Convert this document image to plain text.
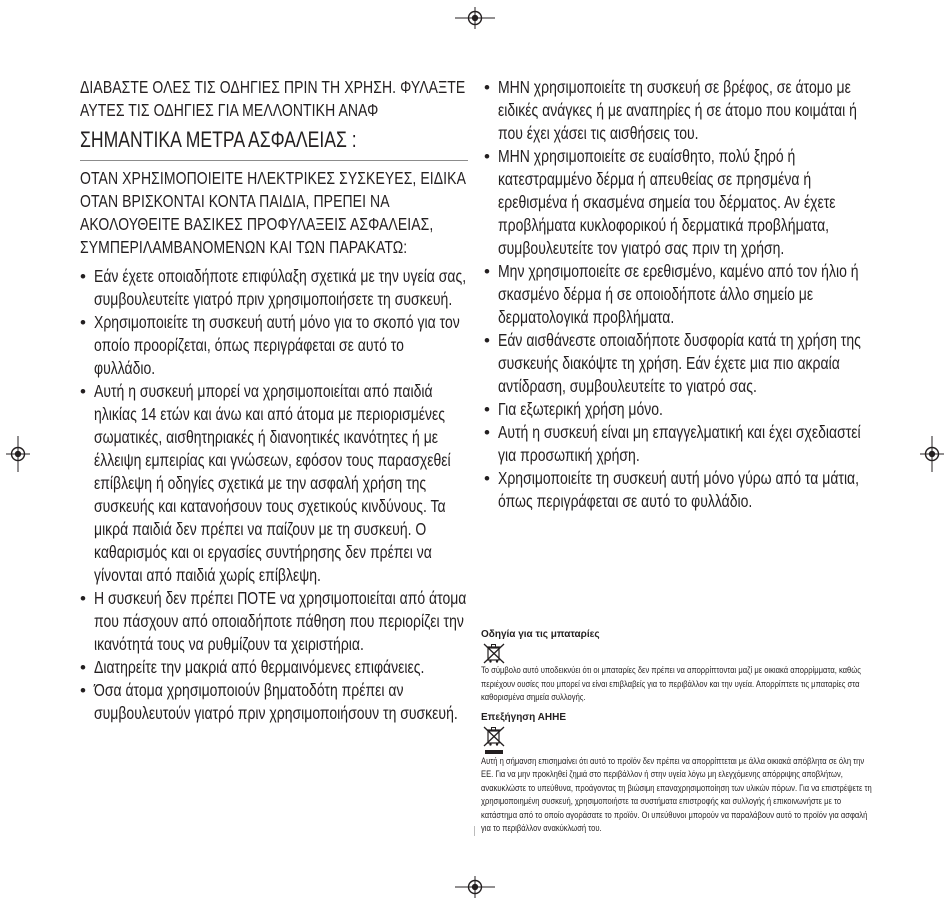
ΔΙΑΒΑΣΤΕ ΟΛΕΣ ΤΙΣ ΟΔΗΓΙΕΣ ΠΡΙΝ ΤΗ ΧΡΗΣΗ. ΦΥΛΑΞΤΕ ΑΥΤΕΣ ΤΙΣ ΟΔΗΓΙΕΣ ΓΙΑ ΜΕΛΛΟΝΤΙΚΗ ΑΝΑΦ
ΣΗΜΑΝΤΙΚΑ ΜΕΤΡΑ ΑΣΦΑΛΕΙΑΣ :
ΟΤΑΝ ΧΡΗΣΙΜΟΠΟΙΕΙΤΕ ΗΛΕΚΤΡΙΚΕΣ ΣΥΣΚΕΥΕΣ, ΕΙΔΙΚΑ ΟΤΑΝ ΒΡΙΣΚΟΝΤΑΙ ΚΟΝΤΑ ΠΑΙΔΙΑ, ΠΡΕΠΕΙ ΝΑ ΑΚΟΛΟΥΘΕΙΤΕ ΒΑΣΙΚΕΣ ΠΡΟΦΥΛΑΞΕΙΣ ΑΣΦΑΛΕΙΑΣ, ΣΥΜΠΕΡΙΛΑΜΒΑΝΟΜΕΝΩΝ ΚΑΙ ΤΩΝ ΠΑΡΑΚΑΤΩ:
• Εάν έχετε οποιαδήποτε επιφύλαξη σχετικά με την υγεία σας, συμβουλευτείτε γιατρό πριν χρησιμοποιήσετε τη συσκευή.
• Χρησιμοποιείτε τη συσκευή αυτή μόνο για το σκοπό για τον οποίο προορίζεται, όπως περιγράφεται σε αυτό το φυλλάδιο.
• Αυτή η συσκευή μπορεί να χρησιμοποιείται από παιδιά ηλικίας 14 ετών και άνω και από άτομα με περιορισμένες σωματικές, αισθητηριακές ή διανοητικές ικανότητες ή με έλλειψη εμπειρίας και γνώσεων, εφόσον τους παρασχεθεί επίβλεψη ή οδηγίες σχετικά με την ασφαλή χρήση της συσκευής και κατανοήσουν τους σχετικούς κινδύνους. Τα μικρά παιδιά δεν πρέπει να παίζουν με τη συσκευή. Ο καθαρισμός και οι εργασίες συντήρησης δεν πρέπει να γίνονται από παιδιά χωρίς επίβλεψη.
• Η συσκευή δεν πρέπει ΠΟΤΕ να χρησιμοποιείται από άτομα που πάσχουν από οποιαδήποτε πάθηση που περιορίζει την ικανότητά τους να ρυθμίζουν τα χειριστήρια.
• Διατηρείτε την μακριά από θερμαινόμενες επιφάνειες.
• Όσα άτομα χρησιμοποιούν βηματοδότη πρέπει αν συμβουλευτούν γιατρό πριν χρησιμοποιήσουν τη συσκευή.
• ΜΗΝ χρησιμοποιείτε τη συσκευή σε βρέφος, σε άτομο με ειδικές ανάγκες ή με αναπηρίες ή σε άτομο που κοιμάται ή που έχει χάσει τις αισθήσεις του.
• ΜΗΝ χρησιμοποιείτε σε ευαίσθητο, πολύ ξηρό ή κατεστραμμένο δέρμα ή απευθείας σε πρησμένα ή ερεθισμένα ή σκασμένα σημεία του δέρματος. Αν έχετε προβλήματα κυκλοφορικού ή δερματικά προβλήματα, συμβουλευτείτε τον γιατρό σας πριν τη χρήση.
• Μην χρησιμοποιείτε σε ερεθισμένο, καμένο από τον ήλιο ή σκασμένο δέρμα ή σε οποιοδήποτε άλλο σημείο με δερματολογικά προβλήματα.
• Εάν αισθάνεστε οποιαδήποτε δυσφορία κατά τη χρήση της συσκευής διακόψτε τη χρήση. Εάν έχετε μια πιο ακραία αντίδραση, συμβουλευτείτε το γιατρό σας.
• Για εξωτερική χρήση μόνο.
• Αυτή η συσκευή είναι μη επαγγελματική και έχει σχεδιαστεί για προσωπική χρήση.
• Χρησιμοποιείτε τη συσκευή αυτή μόνο γύρω από τα μάτια, όπως περιγράφεται σε αυτό το φυλλάδιο.
Οδηγία για τις μπαταρίες
Το σύμβολο αυτό υποδεικνύει ότι οι μπαταρίες δεν πρέπει να απορρίπτονται μαζί με οικιακά απορρίμματα, καθώς περιέχουν ουσίες που μπορεί να είναι επιβλαβείς για το περιβάλλον και την υγεία. Απορρίπτετε τις μπαταρίες στα καθορισμένα σημεία συλλογής.
Επεξήγηση ΑΗΗΕ
Αυτή η σήμανση επισημαίνει ότι αυτό το προϊόν δεν πρέπει να απορρίπτεται με άλλα οικιακά απόβλητα σε όλη την ΕΕ. Για να μην προκληθεί ζημιά στο περιβάλλον ή στην υγεία λόγω μη ελεγχόμενης απόρριψης αποβλήτων, ανακυκλώστε το υπεύθυνα, προάγοντας τη βιώσιμη επαναχρησιμοποίηση των υλικών πόρων. Για να επιστρέψετε τη χρησιμοποιημένη συσκευή, χρησιμοποιήστε τα συστήματα επιστροφής και συλλογής ή επικοινωνήστε με το κατάστημα από το οποίο αγοράσατε το προϊόν. Οι υπεύθυνοι μπορούν να παραλάβουν αυτό το προϊόν για ασφαλή για το περιβάλλον ανακύκλωσή του.
